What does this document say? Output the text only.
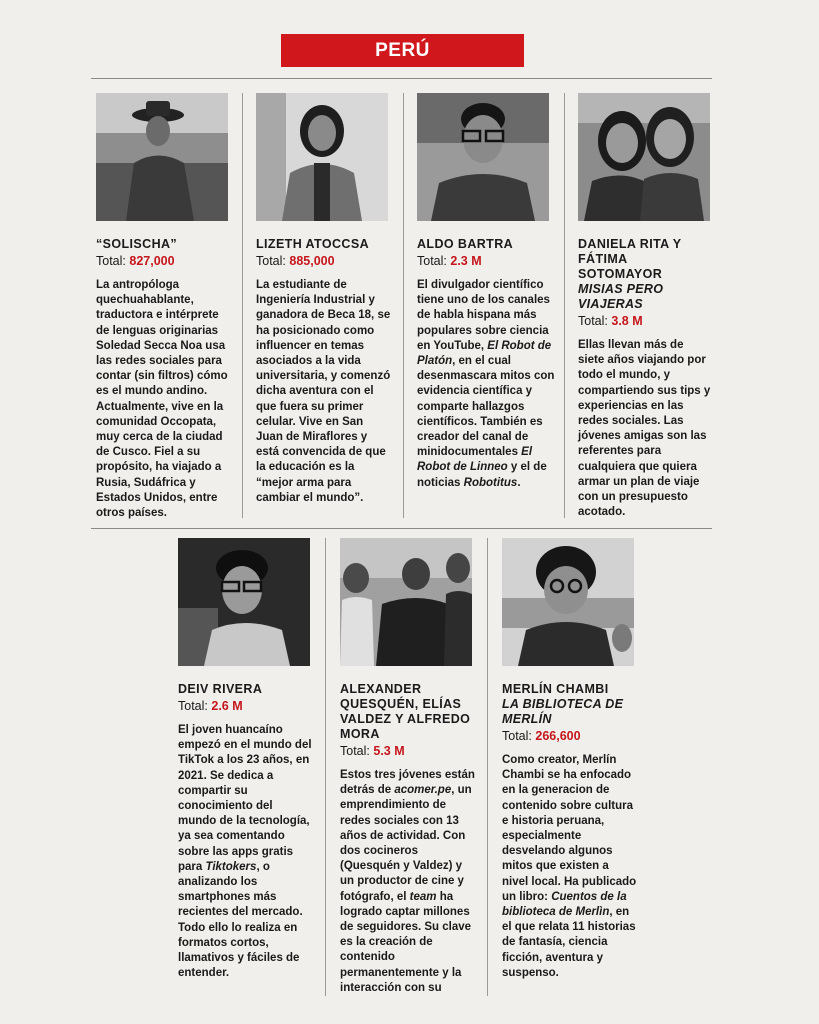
PERÚ
“SOLISCHA”
Total: 827,000
La antropóloga quechuahablante, traductora e intérprete de lenguas originarias Soledad Secca Noa usa las redes sociales para contar (sin filtros) cómo es el mundo andino. Actualmente, vive en la comunidad Occopata, muy cerca de la ciudad de Cusco. Fiel a su propósito, ha viajado a Rusia, Sudáfrica y Estados Unidos, entre otros países.
LIZETH ATOCCSA
Total: 885,000
La estudiante de Ingeniería Industrial y ganadora de Beca 18, se ha posicionado como influencer en temas asociados a la vida universitaria, y comenzó dicha aventura con el que fuera su primer celular. Vive en San Juan de Miraflores y está convencida de que la educación es la “mejor arma para cambiar el mundo”.
ALDO BARTRA
Total: 2.3 M
El divulgador científico tiene uno de los canales de habla hispana más populares sobre ciencia en YouTube, El Robot de Platón, en el cual desenmascara mitos con evidencia científica y comparte hallazgos científicos. También es creador del canal de minidocumentales El Robot de Linneo y el de noticias Robotitus.
DANIELA RITA Y FÁTIMA SOTOMAYOR
MISIAS PERO VIAJERAS
Total: 3.8 M
Ellas llevan más de siete años viajando por todo el mundo, y compartiendo sus tips y experiencias en las redes sociales. Las jóvenes amigas son las referentes para cualquiera que quiera armar un plan de viaje con un presupuesto acotado.
DEIV RIVERA
Total: 2.6 M
El joven huancaíno empezó en el mundo del TikTok a los 23 años, en 2021. Se dedica a compartir su conocimiento del mundo de la tecnología, ya sea comentando sobre las apps gratis para Tiktokers, o analizando los smartphones más recientes del mercado. Todo ello lo realiza en formatos cortos, llamativos y fáciles de entender.
ALEXANDER QUESQUÉN, ELÍAS VALDEZ Y ALFREDO MORA
Total: 5.3 M
Estos tres jóvenes están detrás de acomer.pe, un emprendimiento de redes sociales con 13 años de actividad. Con dos cocineros (Quesquén y Valdez) y un productor de cine y fotógrafo, el team ha logrado captar millones de seguidores. Su clave es la creación de contenido permanentemente y la interacción con su
MERLÍN CHAMBI
LA BIBLIOTECA DE MERLÍN
Total: 266,600
Como creator, Merlín Chambi se ha enfocado en la generacion de contenido sobre cultura e historia peruana, especialmente desvelando algunos mitos que existen a nivel local. Ha publicado un libro: Cuentos de la biblioteca de Merlìn, en el que relata 11 historias de fantasía, ciencia ficción, aventura y suspenso.
